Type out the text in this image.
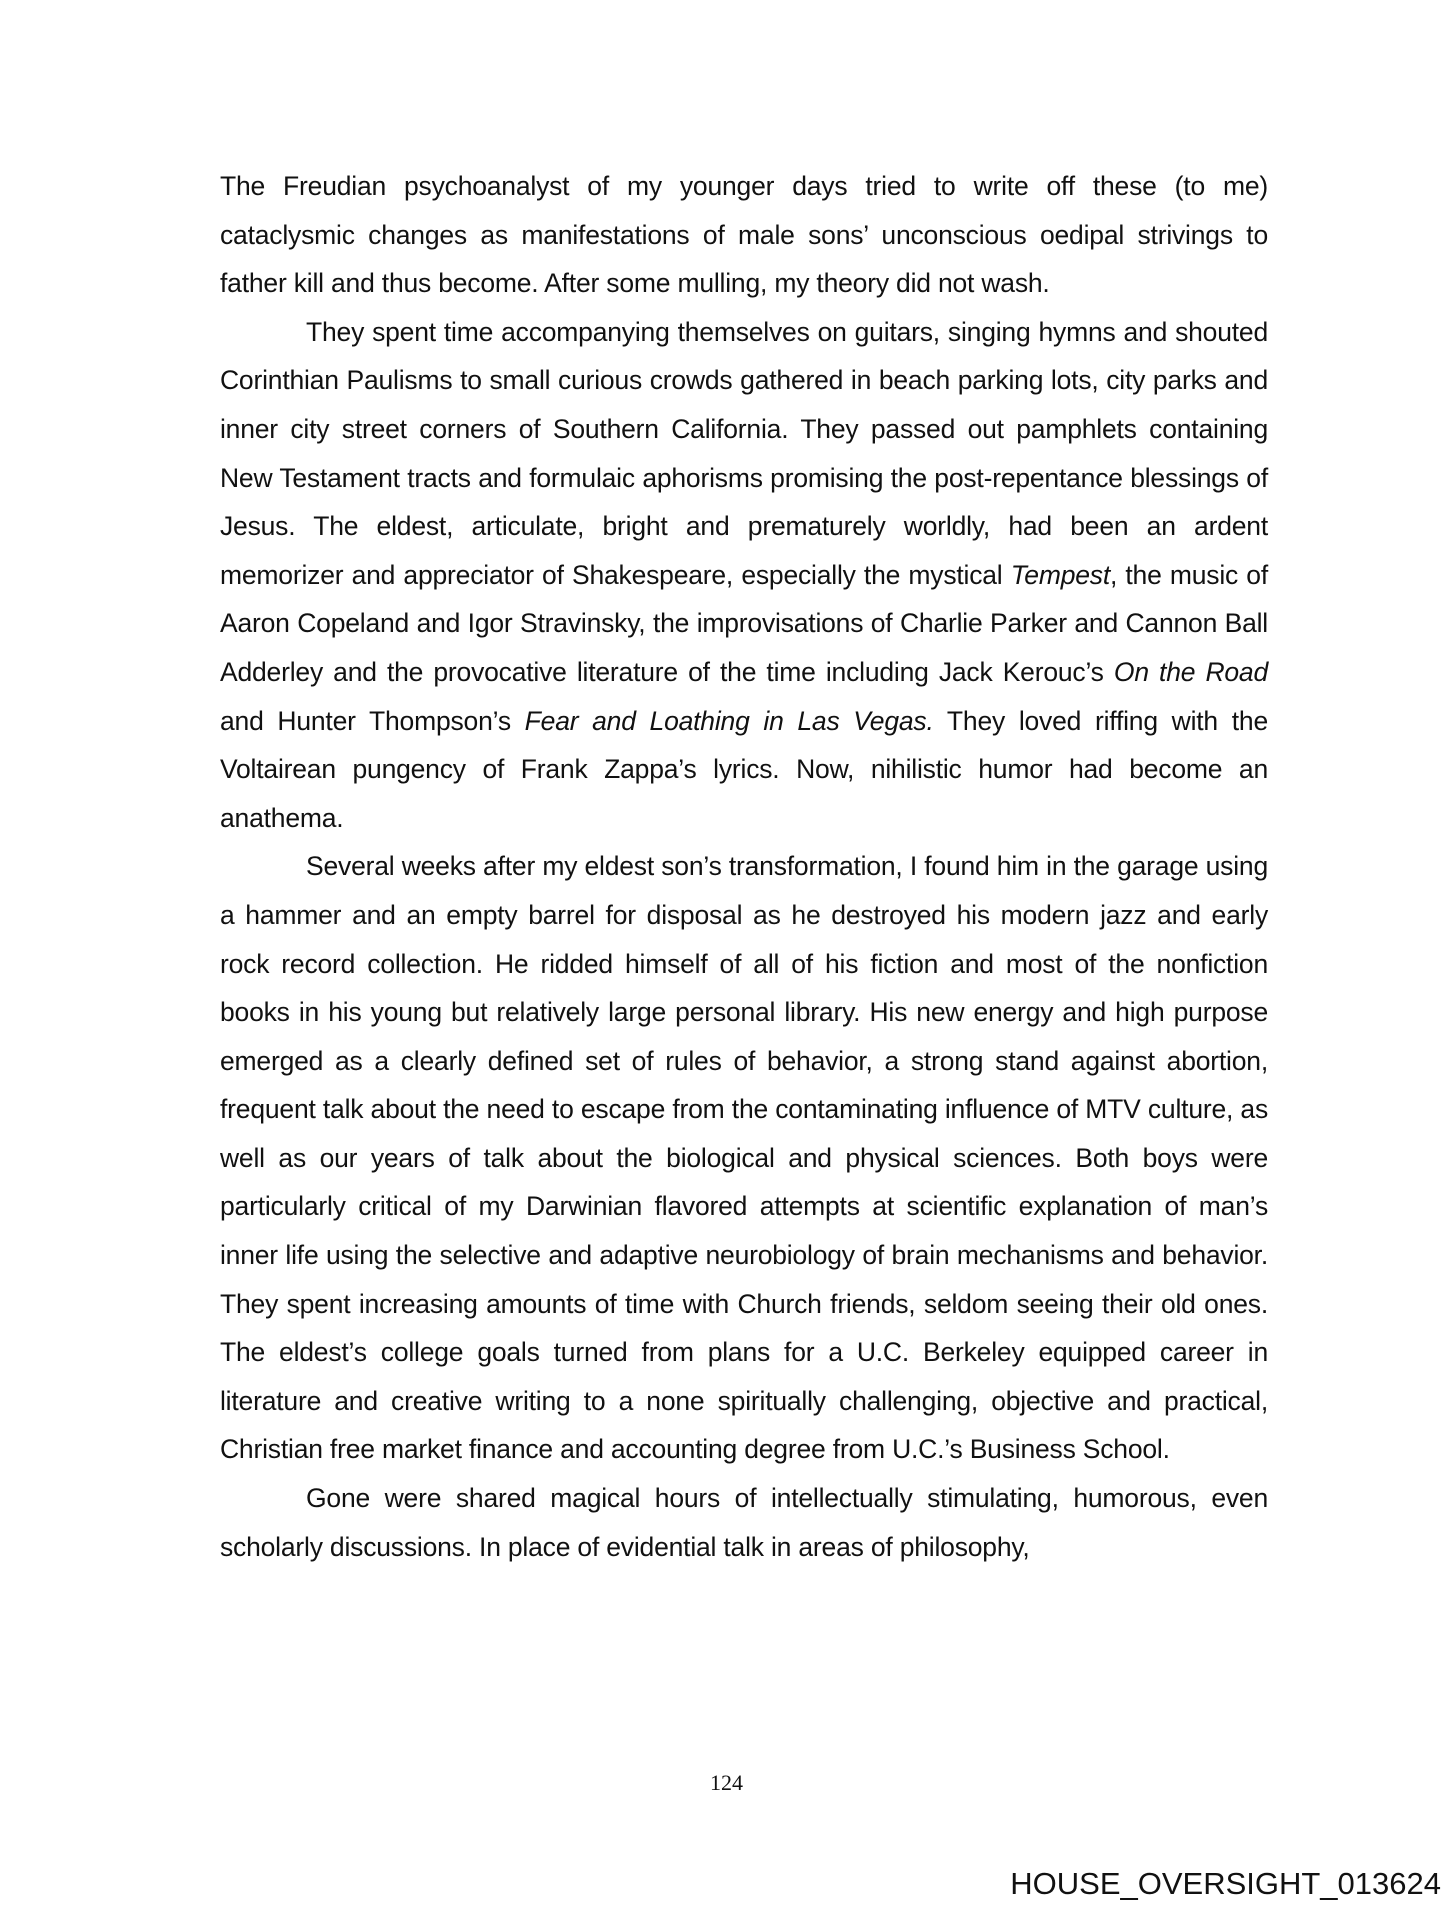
The Freudian psychoanalyst of my younger days tried to write off these (to me) cataclysmic changes as manifestations of male sons’ unconscious oedipal strivings to father kill and thus become. After some mulling, my theory did not wash.

They spent time accompanying themselves on guitars, singing hymns and shouted Corinthian Paulisms to small curious crowds gathered in beach parking lots, city parks and inner city street corners of Southern California. They passed out pamphlets containing New Testament tracts and formulaic aphorisms promising the post-repentance blessings of Jesus. The eldest, articulate, bright and prematurely worldly, had been an ardent memorizer and appreciator of Shakespeare, especially the mystical Tempest, the music of Aaron Copeland and Igor Stravinsky, the improvisations of Charlie Parker and Cannon Ball Adderley and the provocative literature of the time including Jack Kerouc’s On the Road and Hunter Thompson’s Fear and Loathing in Las Vegas. They loved riffing with the Voltairean pungency of Frank Zappa’s lyrics. Now, nihilistic humor had become an anathema.

Several weeks after my eldest son’s transformation, I found him in the garage using a hammer and an empty barrel for disposal as he destroyed his modern jazz and early rock record collection. He ridded himself of all of his fiction and most of the nonfiction books in his young but relatively large personal library. His new energy and high purpose emerged as a clearly defined set of rules of behavior, a strong stand against abortion, frequent talk about the need to escape from the contaminating influence of MTV culture, as well as our years of talk about the biological and physical sciences. Both boys were particularly critical of my Darwinian flavored attempts at scientific explanation of man’s inner life using the selective and adaptive neurobiology of brain mechanisms and behavior. They spent increasing amounts of time with Church friends, seldom seeing their old ones. The eldest’s college goals turned from plans for a U.C. Berkeley equipped career in literature and creative writing to a none spiritually challenging, objective and practical, Christian free market finance and accounting degree from U.C.’s Business School.

Gone were shared magical hours of intellectually stimulating, humorous, even scholarly discussions. In place of evidential talk in areas of philosophy,

124
HOUSE_OVERSIGHT_013624
